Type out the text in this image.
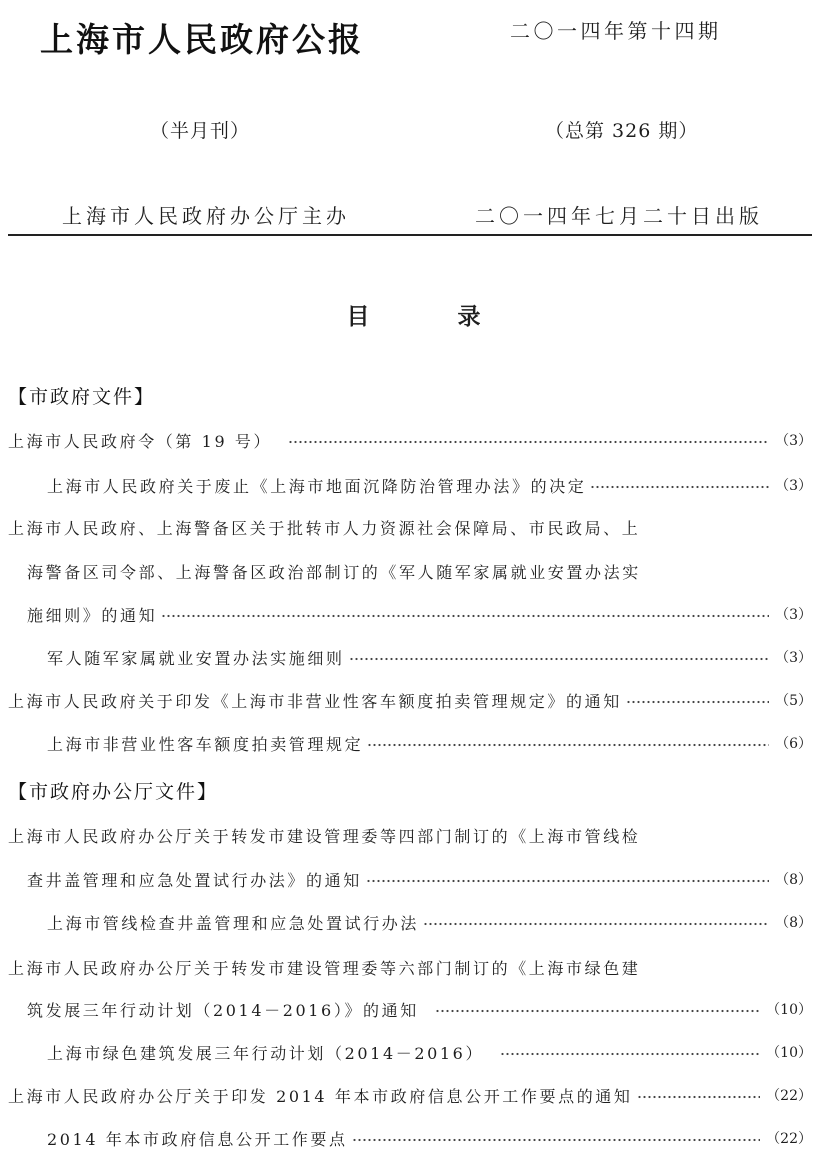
上海市人民政府公报	二〇一四年第十四期
（半月刊）	（总第 326 期）
上海市人民政府办公厅主办	二〇一四年七月二十日出版
目录
【市政府文件】
上海市人民政府令（第 19 号）	（3）
上海市人民政府关于废止《上海市地面沉降防治管理办法》的决定	（3）
上海市人民政府、上海警备区关于批转市人力资源社会保障局、市民政局、上
海警备区司令部、上海警备区政治部制订的《军人随军家属就业安置办法实
施细则》的通知	（3）
军人随军家属就业安置办法实施细则	（3）
上海市人民政府关于印发《上海市非营业性客车额度拍卖管理规定》的通知	（5）
上海市非营业性客车额度拍卖管理规定	（6）
【市政府办公厅文件】
上海市人民政府办公厅关于转发市建设管理委等四部门制订的《上海市管线检
查井盖管理和应急处置试行办法》的通知	（8）
上海市管线检查井盖管理和应急处置试行办法	（8）
上海市人民政府办公厅关于转发市建设管理委等六部门制订的《上海市绿色建
筑发展三年行动计划（2014－2016）》的通知	（10）
上海市绿色建筑发展三年行动计划（2014－2016）	（10）
上海市人民政府办公厅关于印发 2014 年本市政府信息公开工作要点的通知	（22）
2014 年本市政府信息公开工作要点	（22）
